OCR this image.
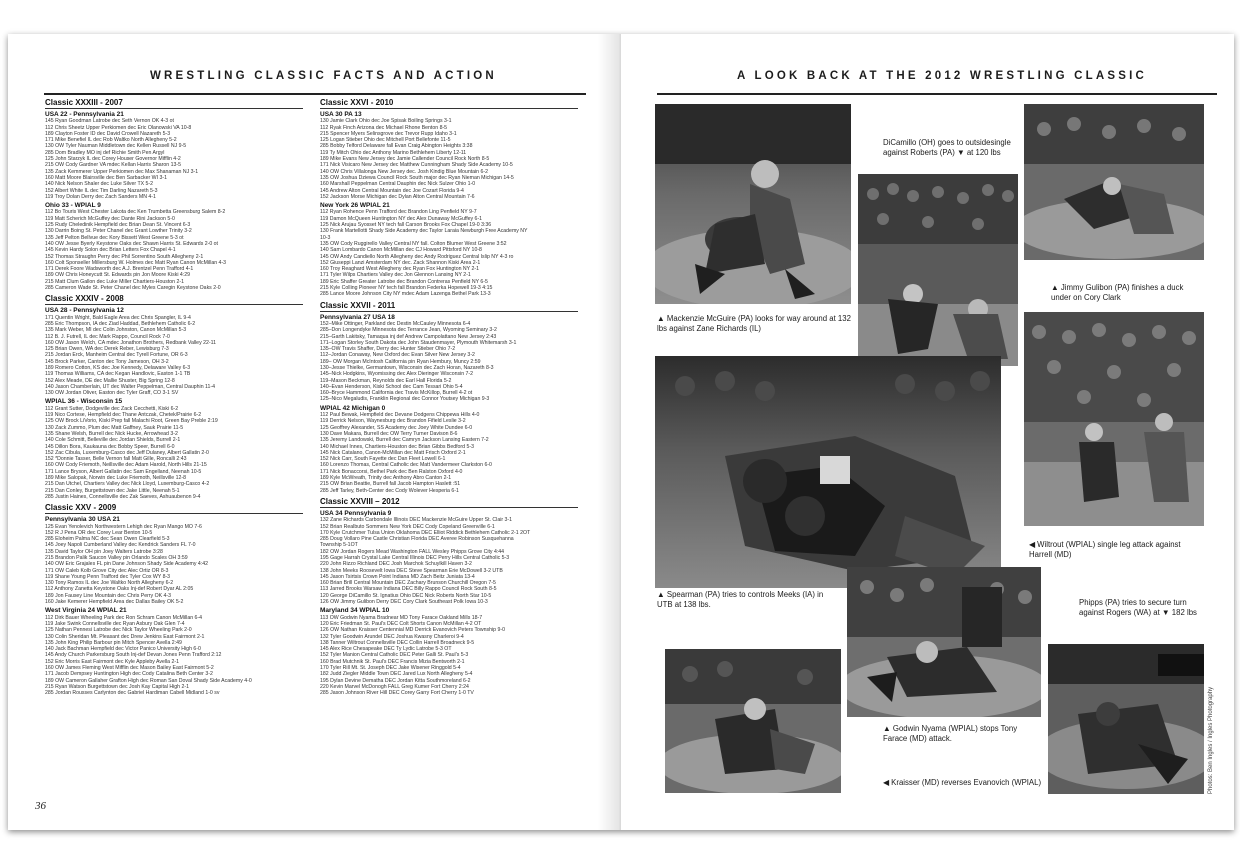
WRESTLING CLASSIC FACTS AND ACTION
Classic XXXIII - 2007
USA 22 - Pennsylvania 21
145 Ryan Goodman Latrobe dec Seth Vernon OK 4-3 ot
112 Chris Sheetz Upper Perkiomen dec Eric Olanowski VA 10-8
189 Clayton Foster ID dec David Crowell Nazareth 5-3
171 Mike Benefiel IL dec Rob Waltko North Allegheny 5-2
130 OW Tyler Nauman Middletown dec Kellen Russell NJ 9-5
285 Dom Bradley MO inj def Richie Smith Pen Argyl
125 John Starzyk IL dec Corey Houser Governor Mifflin 4-2
215 OW Cody Gardner VA mdec Kellan Harris Sharon 13-5
135 Zack Kemmerer Upper Perkiomen dec Max Shanaman NJ 3-1
160 Matt Moore Blairsville dec Ben Sarbacker WI 3-1
140 Nick Nelson Shaler dec Luke Silver TX 5-2
152 Albert White IL dec Tim Darling Nazareth 5-3
119 Troy Dolan Derry dec Zach Sanders MN 4-1
Ohio 33 - WPIAL 9
112 Bo Touris West Chester Lakota dec Ken Trumbetta Greensburg Salem 8-2
119 Matt Scherich McGuffey dec Dante Rini Jackson 5-0
125 Rudy Cheledinik Hempfield dec Brian Dean St. Vincent 6-3
130 Darrin Boing St. Peter Chanel dec Grant Lowther Trinity 3-2
135 Jeff Pelton Bellvue dec Kory Bissett West Greene 5-3 ot
140 OW Jesse Byerly Keystone Oaks dec Shawn Harris St. Edwards 2-0 ot
145 Kevin Hardy Solon dec Brian Letters Fox Chapel 4-1
152 Thomas Straughn Perry dec Phil Sorrentino South Allegheny 2-1
160 Colt Sponseller Millersburg W. Holmes dec Matt Ryan Canon McMillan 4-3
171 Derek Foore Wadsworth dec A.J. Brentzel Penn Trafford 4-1
189 OW Chris Honeycutt St. Edwards pin Jon Moore Kiski 4:29
215 Matt Clum Gallon dec Luke Miller Chartiers-Houston 2-1
285 Cameron Wade St. Peter Chanel dec Myles Caregin Keystone Oaks 2-0
Classic XXXIV - 2008
USA 28 - Pennsylvania 12
171 Quentin Wright, Bald Eagle Area dec Chris Spangler, IL 9-4
285 Eric Thompson, IA dec Ziad Haddad, Bethlehem Catholic 6-2
135 Mark Weber, MI dec Colin Johnston, Canon McMillan 5-3
112 B. J. Futrell, IL dec Mark Rappo, Council Rock 7-0
160 OW Jason Welch, CA mdec Jonathon Brothers, Redbank Valley 22-11
125 Brian Owen, WA dec Derek Reber, Lewisburg 7-3
215 Jordan Erck, Manheim Central dec Tyrell Fortune, OR 6-3
145 Brock Parker, Canton dec Tony Jameson, OH 3-2
189 Romero Cotton, KS dec Joe Kennedy, Delaware Valley 6-3
119 Thomas Williams, CA dec Kegan Handlovic, Easton 1-1 TB
152 Alex Meade, DE dec Mallie Shuster, Big Spring 12-8
140 Jason Chamberlain, UT dec Walter Peppelman, Central Dauphin 11-4
130 OW Jordan Oliver, Easton dec Tyler Graff, CO 3-1 SV
WPIAL 36 - Wisconsin 15
112 Grant Sutter, Dodgeville dec Zack Cecchetti, Kiski 6-2
119 Nico Cortese, Hempfield dec Thane Antczak, Chetek/Prairie 6-2
125 OW Brock LiVorio, Kiski Prep fall Malachi Root, Green Bay Preble 2:19
130 Zack Zummo, Plum dec Matt Gaffney, Sauk Prairie 11-5
135 Shane Welsh, Burrell dec Nick Hucke, Arrowhead 3-2
140 Cole Schmitt, Belleville dec Jordan Shields, Burrell 2-1
145 Dillon Bora, Kaukauna dec Bobby Speer, Burrell 6-0
152 Zac Cibula, Luxemburg-Casco dec Jeff Dulaney, Albert Gallatin 2-0
152 *Donnie Tasser, Belle Vernon fall Matt Gille, Roncalli 2:43
160 OW Cody Friemoth, Neillsville dec Adam Harold, North Hills 21-15
171 Lance Bryson, Albert Gallatin dec Sam Engelland, Neenah 10-5
189 Mike Salopak, Norwin dec Luke Friemoth, Neillsville 12-8
215 Dan Utchel, Chartiers Valley dec Nick Lloyd, Luxemburg-Casco 4-2
215 Dan Conley, Burgettstown dec Jake Little, Neenah 5-1
285 Justin Haines, Connellsville dec Zak Saeves, Ashuaubenon 9-4
Classic XXV - 2009
Pennsylvania 30 USA 21
125 Evan Yenolevich Northwestern Lehigh dec Ryan Mango MO 7-6
152 R J Pena OR dec Corey Lear Benton 10-5
285 Eloheim Palma NC dec Sean Owen Clearfield 5-3
145 Joey Napoli Cumberland Valley dec Kendrick Sanders FL 7-0
135 David Taylor OH pin Joey Walters Latrobe 3:28
215 Brandon Palik Saucon Valley pin Orlando Scales OH 3:59
140 OW Eric Grajales FL pin Dane Johnson Shady Side Academy 4:42
171 OW Caleb Kolb Grove City dec Alec Ortiz OR 8-3
119 Shane Young Penn Trafford dec Tyler Cox WY 8-3
130 Tony Ramos IL dec Joe Waltko North Allegheny 6-2
112 Anthony Zanetta Keystone Oaks Inj-def Robert Dyar AL 2:05
189 Jon Fausey Line Mountain dec Chris Perry OK 4-3
160 Jake Kemerer Hempfield Area dec Dallas Bailey OK 5-2
West Virginia 24 WPIAL 21
112 Dirk Bauer Wheeling Park dec Ron Schram Canon McMillan 6-4
119 Jake Swink Connellsville dec Ryan Asbury Oak Glen 7-4
125 Nathan Pennesi Latrobe dec Nick Taylor Wheeling Park 2-0
130 Colin Sheridan Mt. Pleasant dec Drew Jenkins East Fairmont 2-1
135 John King Philip Barbour pin Mitch Spencer Avella 2:49
140 Jack Bachman Hempfield dec Victor Panico University High 6-0
145 Andy Church Parkersburg South Inj-def Devan Jones Penn Trafford 2:12
152 Eric Morris East Fairmont dec Kyle Appleby Avella 2-1
160 OW James Fleming West Mifflin dec Mason Bailey East Fairmont 5-2
171 Jacob Dempsey Huntington High dec Cody Catalina Beth Center 3-2
189 OW Cameron Gallaher Grafton High dec Roman San Doval Shady Side Academy 4-0
215 Ryan Watson Burgettstown dec Josh Kay Capital High 2-1
285 Jordan Rousses Carlynton dec Gabriel Hardiman Cabell Midland 1-0 sv
Classic XXVI - 2010
USA 30 PA 13
130 Jamie Clark Ohio dec Joe Spisak Boiling Springs 3-1
112 Ryak Finch Arizona dec Michael Rhone Benton 8-5
215 Spencer Myers Selinsgrove dec Trevor Rupp Idaho 3-1
125 Logan Stieber Ohio dec Mitchell Port Bellefonte 11-5
285 Bobby Telford Delaware fall Evan Craig Abington Heights 3:38
119 Ty Mitch Ohio dec Anthony Marino Bethlehem Liberty 12-11
189 Mike Evans New Jersey dec Jamie Callender Council Rock North 8-5
171 Nick Visicaro New Jersey dec Matthew Cunningham Shady Side Academy 10-5
140 OW Chris Villalonga New Jersey dec. Josh Kindig Blue Mountain 6-2
135 OW Joshua Dziewa Council Rock South major dec Ryan Nieman Michigan 14-5
160 Marshall Peppelman Central Dauphin dec Nick Sulzer Ohio 1-0
145 Andrew Alton Central Mountain dec Joe Cozart Florida 9-4
152 Jackson Morse Michigan dec Dylan Alton Central Mountain 7-6
New York 26 WPIAL 21
112 Ryan Rohence Penn Trafford dec Brandon Ling Penfield NY 9-7
119 Damon McQueen Huntington NY dec Alex Dunaway McGuffey 6-1
125 Nick Arujau Syosset NY tech fall Carson Brooks Fox Chapel 19-0 3:36
130 Frank Martellotti Shady Side Academy dec Taylor Laraia Newburgh Free Academy NY
10-3
135 OW Cody Ruggirello Valley Central NY fall. Colton Blumer West Greene 3:52
140 Sam Lombardo Canon McMillan dec CJ Howard Pittsford NY 10-8
145 OW Andy Candiello North Allegheny dec Andy Rodriguez Central Islip NY 4-3 ro
152 Giuseppi Lanzi Amsterdam NY dec. Zack Shannon Kiski Area 2-1
160 Troy Reaghard West Allegheny dec Ryan Fox Huntington NY 2-1
171 Tyler Wilps Chartiers Valley dec Jon Glennon Lansing NY 2-1
189 Eric Shaffer Greater Latrobe dec Brandon Contreras Penfield NY 6-5
215 Kyle Colling Pioneer NY tech fall Brandon Federka Hopewell 19-3 4:15
285 Lance Moore Johnson City NY mdec Adam Lazenga Bethel Park 13-3
Classic XXVII - 2011
Pennsylvania 27 USA 18
152–Mike Ottinger, Parkland dec Destin McCauley Minnesota 6-4
285–Don Longendyke Minnesota dec Terrance Jean, Wyoming Seminary 3-2
215–Garth Lakitsky, Tamaqua inj def Andrew Campolattano New Jersey 2:43
171–Logan Storley South Dakota dec John Staudenmayer, Plymouth Whitemarsh 3-1
135–OW Travis Shaffer, Derry dec Hunter Stieber Ohio 7-2
112–Jordan Conaway, New Oxford dec Evan Silver New Jersey 3-2
189– OW Morgan McIntosh California pin Ryan Hembury, Muncy 2:59
130–Jesse Thielke, Germantown, Wisconsin dec Zach Horan, Nazareth 8-3
145–Nick Hodgkins, Wyomissing dec Alex Dieringer Wisconsin 7-2
119–Mason Beckman, Reynolds dec Earl Hall Florida 5-2
140–Evan Henderson, Kiski School dec Cam Tessari Ohio 5-4
160–Bryce Hammond California dec Travis McKillop, Burrell 4-2 ot
125–Nico Megaludis, Franklin Regional dec Connor Youtsey Michigan 9-3
WPIAL 42 Michigan 0
112 Paul Bewak, Hempfield dec Devane Dodgens Chippewa Hills 4-0
119 Derrick Nelson, Waynesburg dec Brandon Fifield Leslie 3-2
125 Geoffrey Alexander, SS Academy dec Joey White Dundee 6-0
130 Dave Makara, Burrell dec OW Terry Turner Davison 8-6
135 Jeremy Landowski, Burrell dec Camryn Jackson Lansing Eastern 7-2
140 Michael Innes, Chartiers-Houston dec Brian Gibbs Bedford 5-3
145 Nick Catalano, Canon-McMillan dec Matt Frisch Oxford 2-1
152 Nick Carr, South Fayette dec Dan Fleet Lowell 6-1
160 Lorenzo Thomas, Central Catholic dec Matt Vandermeer Clarkston 6-0
171 Nick Bonaccorsi, Bethel Park dec Ben Ralston Oxford 4-0
189 Kyle McWreath, Trinity dec Anthony Abro Canton 2-1
215 OW Brian Beattie, Burrell fall Jacob Hampton Haslett :51
285 Jeff Tarley, Beth-Center dec Cody Wolever Hesperia 6-1
Classic XXVIII – 2012
USA 34 Pennsylvania 9
132 Zane Richards Carbondale Illinois DEC Mackenzie McGuire Upper St. Clair 3-1
152 Brian Realbuto Sommers New York DEC Cody Copeland Greenville 6-1
170 Kyle Crutchmer Tulsa Union Oklahoma DEC Elliot Riddick Bethlehem Catholic 2-1 2OT
285 Doug Vollaro Pine Castle Christian Florida DEC Averee Robinson Susquehanna
Township 5-1OT
182 OW Jordan Rogers Mead Washington FALL Wesley Phipps Grove City 4:44
195 Gage Harrah Crystal Lake Central Illinois DEC Perry Hills Central Catholic 5-3
220 John Rizzo Richland DEC Josh Marchok Schuylkill Haven 3-2
138 John Meeks Roosevelt Iowa DEC Steve Spearman Erie McDowell 3-2 UTB
145 Jason Tsirtsis Crown Point Indiana MD Zach Beitz Juniata 13-4
160 Brian Brill Central Mountain DEC Zachary Brunson Churchill Oregon 7-5
113 Jarred Brooks Warsaw Indiana DEC Billy Rappo Council Rock South 8-5
120 George DiCamillo St. Ignatius Ohio DEC Nick Roberts North Star 10-5
126 OW Jimmy Gulibon Derry DEC Cory Clark Southeast Polk Iowa 10-3
Maryland 34 WPIAL 10
113 OW Godwin Nyama Bradnear MD Tony Farace Oakland Mills 18-7
120 Eric Friedman St. Paul's DEC Colt Shorts Canon McMillan 4-2 OT
126 OW Nathan Kraisser Centennial MD Derrick Evanovich Peters Township 9-0
132 Tyler Goodwin Arundel DEC Joshua Kwasny Charleroi 9-4
138 Tanner Wiltrout Connellsville DEC Collin Harrell Broadneck 9-5
145 Alex Rice Chesapeake DEC Ty Lydic Latrobe 5-3 OT
152 Tyler Manion Central Catholic DEC Peter Galli St. Paul's 5-3
160 Brad Mutchnik St. Paul's DEC Francis Mizia Bentworth 2-1
170 Tyler Rill Mt. St. Joseph DEC Jake Wisener Ringgold 5-4
182 Judd Ziegler Middle Town DEC Jared Lux North Allegheny 5-4
195 Dylan Devine Dematha DEC Jordan Kitta Southmoreland 6-2
220 Kevin Marvel McDonogh FALL Greg Kumer Fort Cherry 2:24
285 Jason Johnson River Hill DEC Corey Garry Fort Cherry 1-0 TV
36
A LOOK BACK AT THE 2012 WRESTLING CLASSIC
▲ Mackenzie McGuire (PA) looks for way around at 132 lbs against Zane Richards (IL)
DiCamillo (OH) goes to outsidesingle against Roberts (PA) ▼ at 120 lbs
▲ Jimmy Gulibon (PA) finishes a duck under on Cory Clark
▲ Spearman (PA) tries to controls Meeks (IA) in UTB at 138 lbs.
◀ Wiltrout (WPIAL) single leg attack against Harrell (MD)
Phipps (PA) tries to secure turn against Rogers (WA) at ▼ 182 lbs
▲ Godwin Nyama (WPIAL) stops Tony Farace (MD) attack.
◀ Kraisser (MD) reverses Evanovich (WPIAL)	Photos: Ben Ingles / Ingles Photography
